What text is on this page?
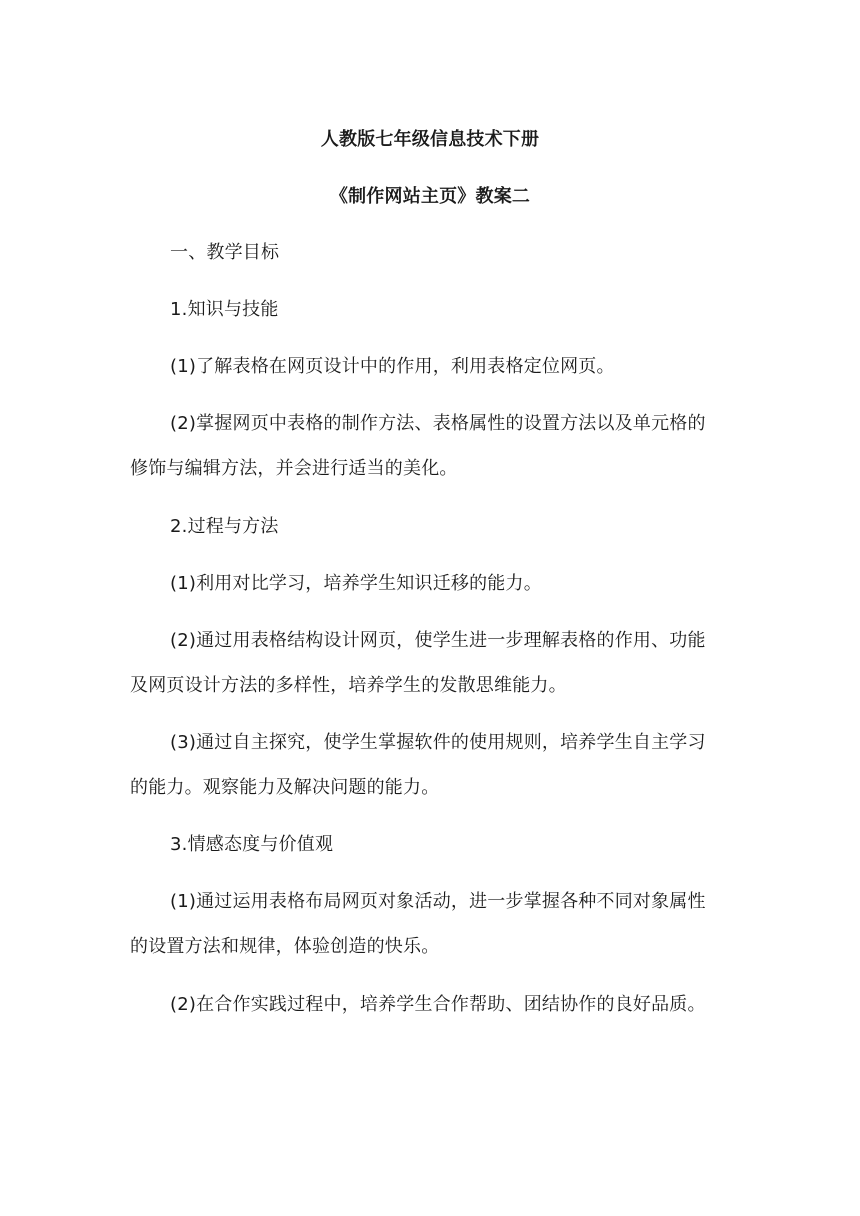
人教版七年级信息技术下册
《制作网站主页》教案二
一、教学目标
1.知识与技能
(1)了解表格在网页设计中的作用，利用表格定位网页。
(2)掌握网页中表格的制作方法、表格属性的设置方法以及单元格的
修饰与编辑方法，并会进行适当的美化。
2.过程与方法
(1)利用对比学习，培养学生知识迁移的能力。
(2)通过用表格结构设计网页，使学生进一步理解表格的作用、功能
及网页设计方法的多样性，培养学生的发散思维能力。
(3)通过自主探究，使学生掌握软件的使用规则，培养学生自主学习
的能力。观察能力及解决问题的能力。
3.情感态度与价值观
(1)通过运用表格布局网页对象活动，进一步掌握各种不同对象属性
的设置方法和规律，体验创造的快乐。
(2)在合作实践过程中，培养学生合作帮助、团结协作的良好品质。
